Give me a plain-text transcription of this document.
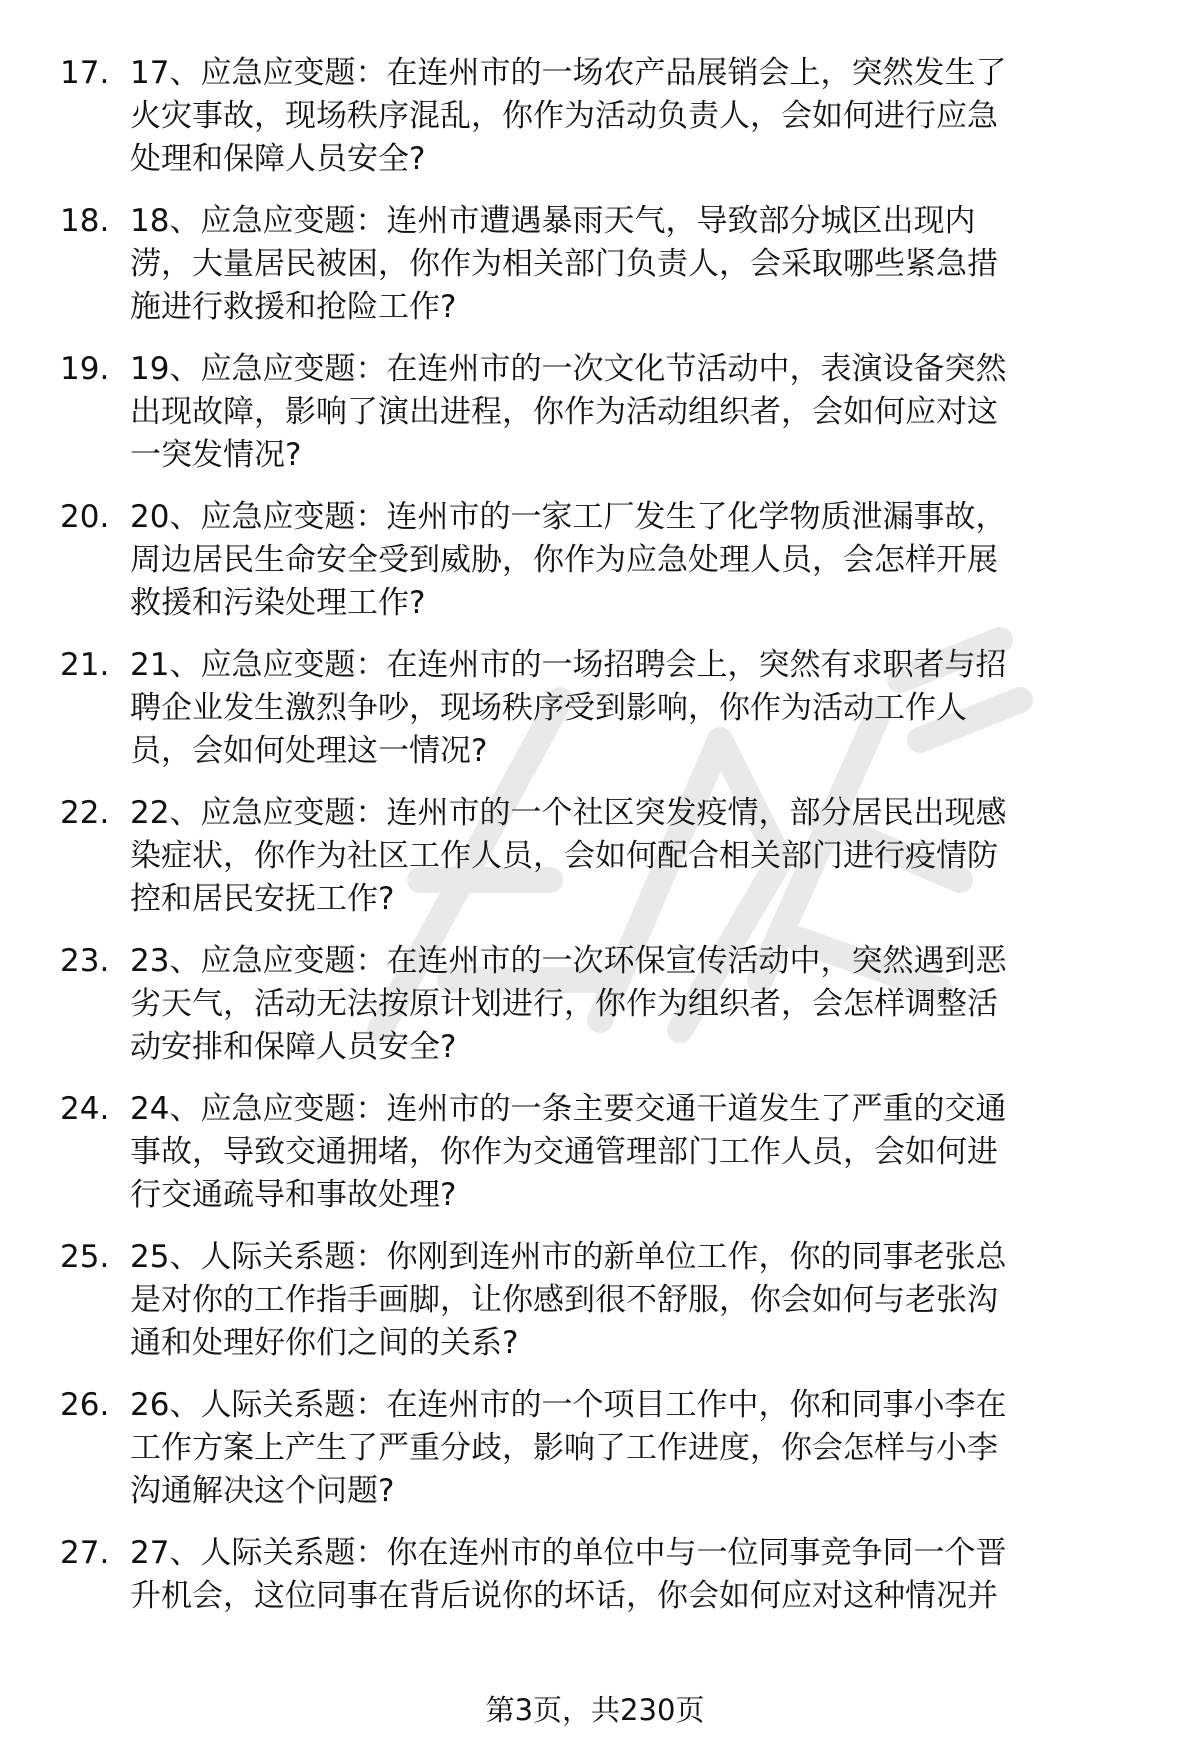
17. 17、应急应变题：在连州市的一场农产品展销会上，突然发生了
火灾事故，现场秩序混乱，你作为活动负责人，会如何进行应急
处理和保障人员安全?
18. 18、应急应变题：连州市遭遇暴雨天气，导致部分城区出现内
涝，大量居民被困，你作为相关部门负责人，会采取哪些紧急措
施进行救援和抢险工作?
19. 19、应急应变题：在连州市的一次文化节活动中，表演设备突然
出现故障，影响了演出进程，你作为活动组织者，会如何应对这
一突发情况?
20. 20、应急应变题：连州市的一家工厂发生了化学物质泄漏事故，
周边居民生命安全受到威胁，你作为应急处理人员，会怎样开展
救援和污染处理工作?
21. 21、应急应变题：在连州市的一场招聘会上，突然有求职者与招
聘企业发生激烈争吵，现场秩序受到影响，你作为活动工作人
员，会如何处理这一情况?
22. 22、应急应变题：连州市的一个社区突发疫情，部分居民出现感
染症状，你作为社区工作人员，会如何配合相关部门进行疫情防
控和居民安抚工作?
23. 23、应急应变题：在连州市的一次环保宣传活动中，突然遇到恶
劣天气，活动无法按原计划进行，你作为组织者，会怎样调整活
动安排和保障人员安全?
24. 24、应急应变题：连州市的一条主要交通干道发生了严重的交通
事故，导致交通拥堵，你作为交通管理部门工作人员，会如何进
行交通疏导和事故处理?
25. 25、人际关系题：你刚到连州市的新单位工作，你的同事老张总
是对你的工作指手画脚，让你感到很不舒服，你会如何与老张沟
通和处理好你们之间的关系?
26. 26、人际关系题：在连州市的一个项目工作中，你和同事小李在
工作方案上产生了严重分歧，影响了工作进度，你会怎样与小李
沟通解决这个问题?
27. 27、人际关系题：你在连州市的单位中与一位同事竞争同一个晋
升机会，这位同事在背后说你的坏话，你会如何应对这种情况并
第3页，共230页
